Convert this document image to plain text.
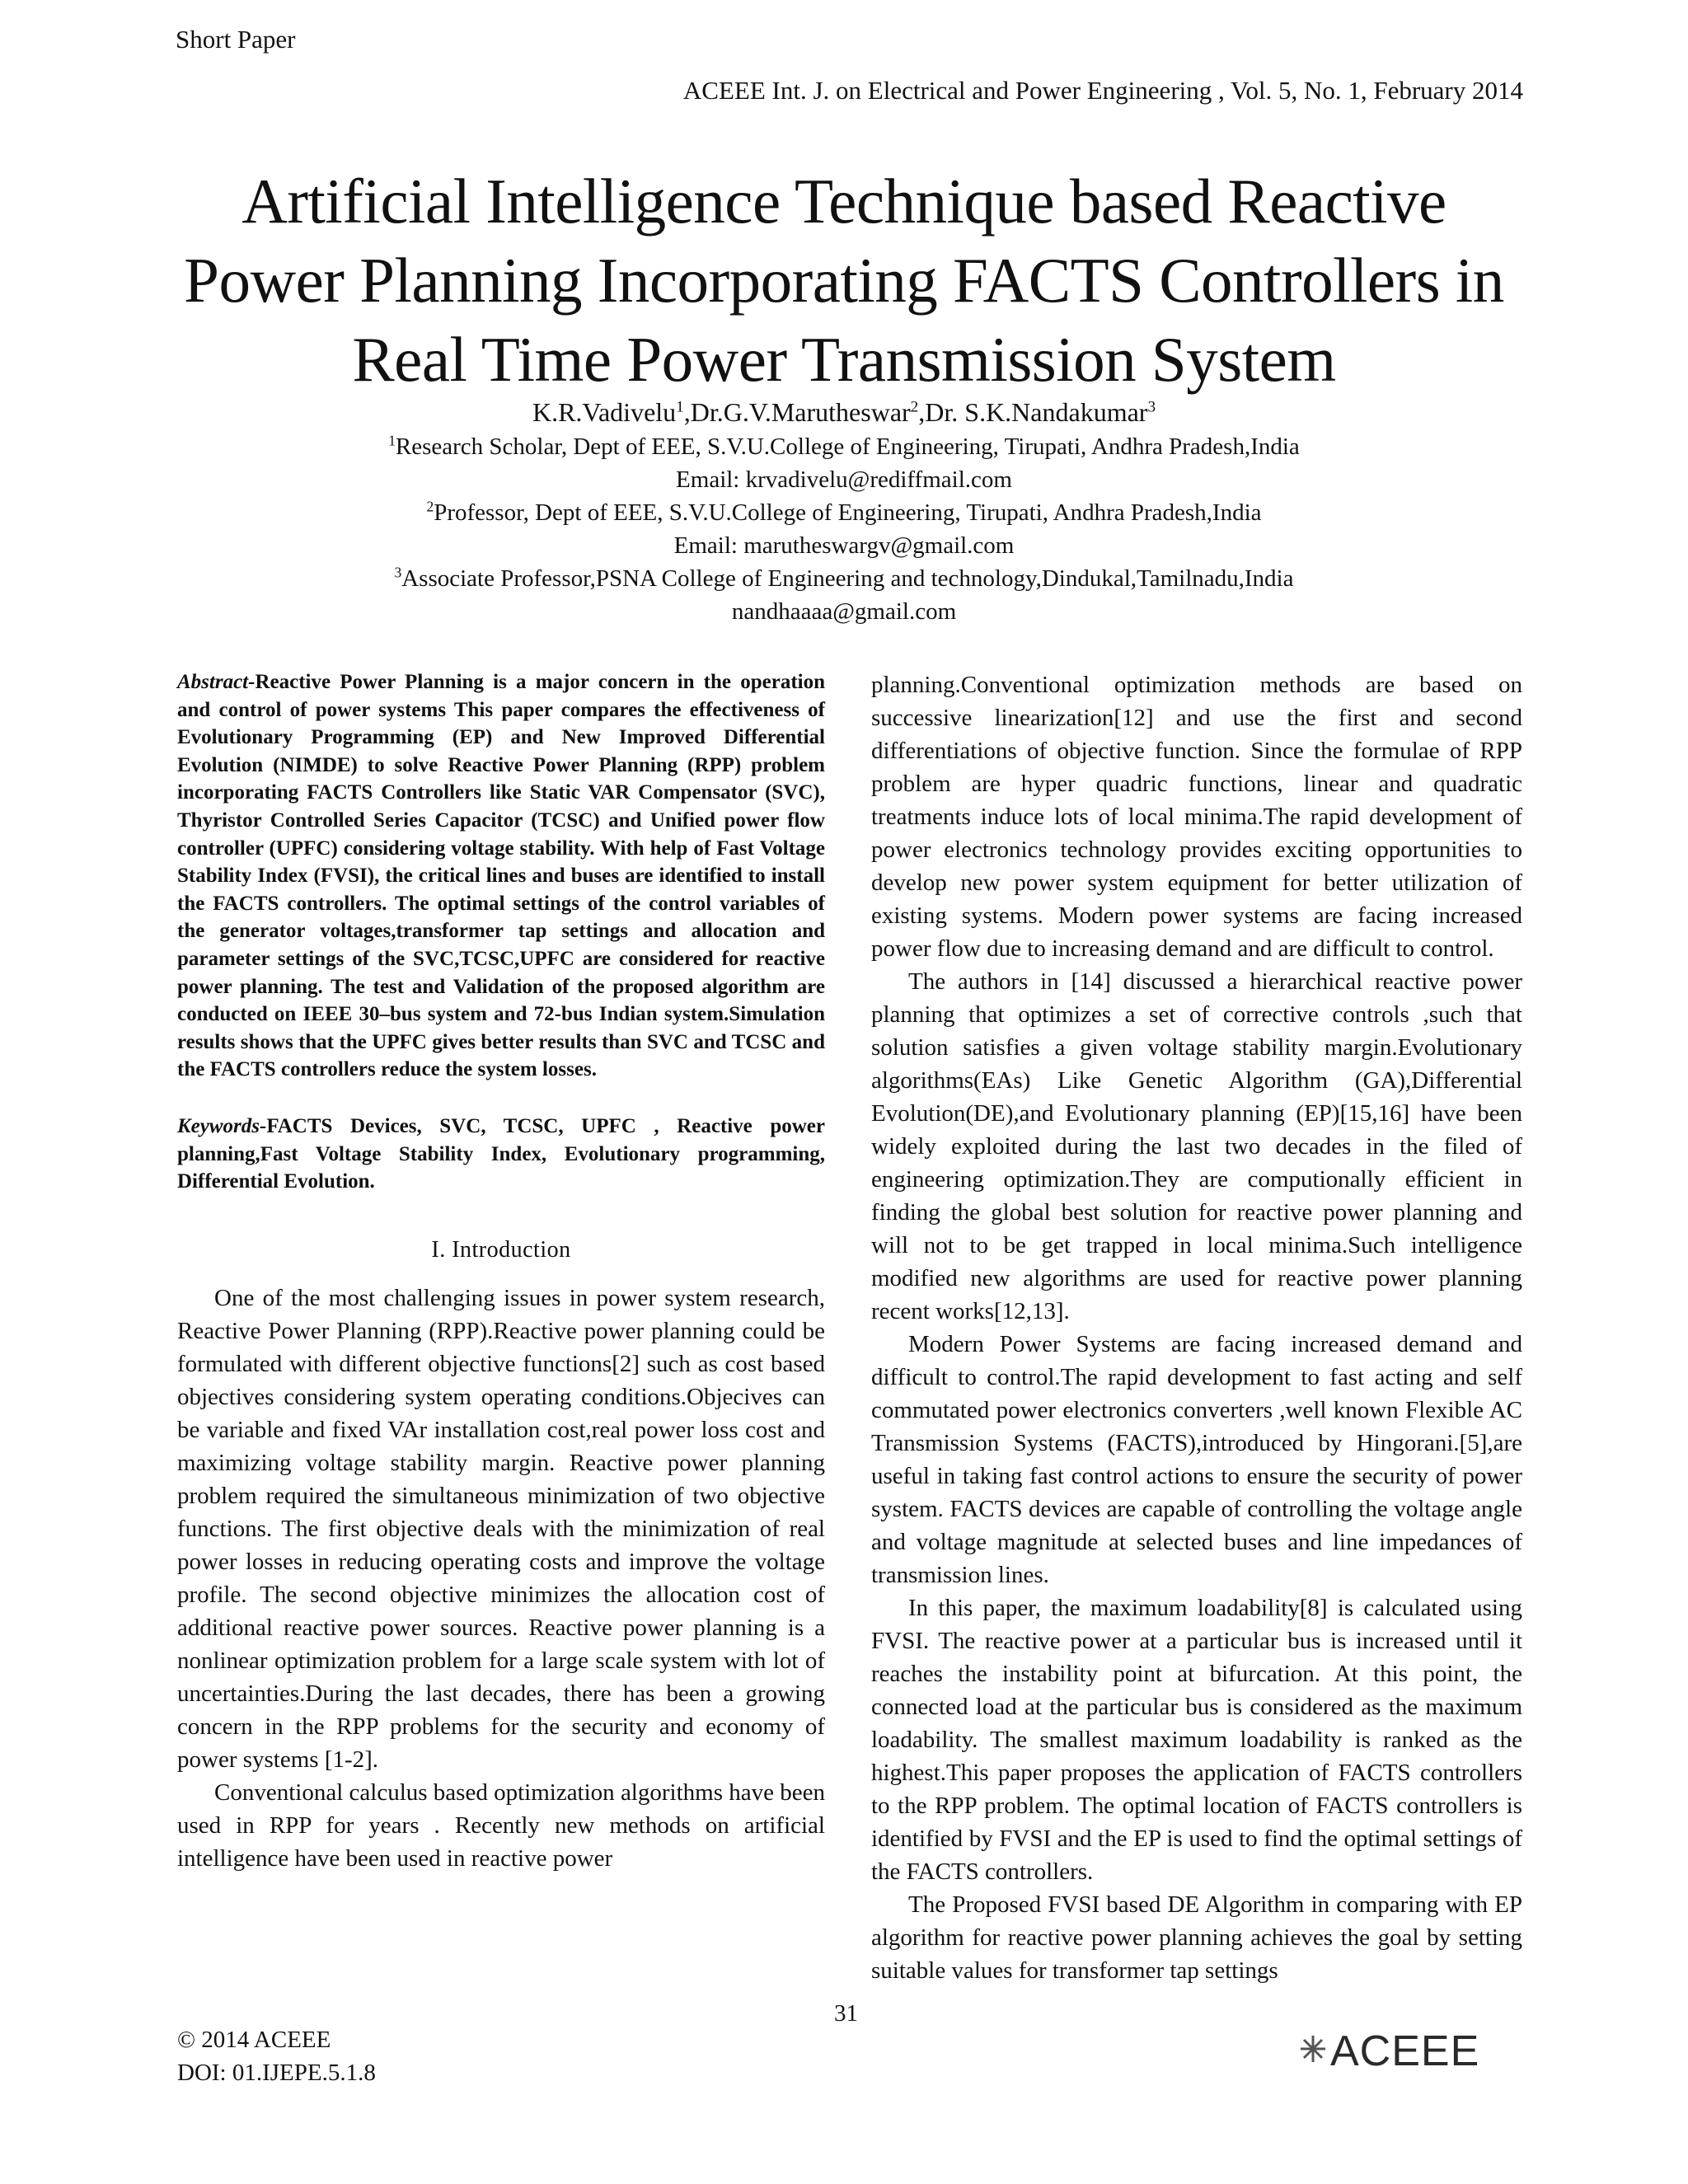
Short Paper
ACEEE Int. J. on Electrical and Power Engineering , Vol. 5, No. 1, February 2014
Artificial Intelligence Technique based Reactive
Power Planning Incorporating FACTS Controllers in
Real Time Power Transmission System
K.R.Vadivelu$^1$,Dr.G.V.Marutheswar$^2$,Dr. S.K.Nandakumar$^3$
$^1$Research Scholar, Dept of EEE, S.V.U.College of Engineering, Tirupati, Andhra Pradesh,India
Email: krvadivelu@rediffmail.com
$^2$Professor, Dept of EEE, S.V.U.College of Engineering, Tirupati, Andhra Pradesh,India
Email: marutheswargv@gmail.com
$^3$Associate Professor,PSNA College of Engineering and technology,Dindukal,Tamilnadu,India
nandhaaaa@gmail.com

Abstract-Reactive Power Planning is a major concern in the operation and control of power systems This paper compares the effectiveness of Evolutionary Programming (EP) and New Improved Differential Evolution (NIMDE) to solve Reactive Power Planning (RPP) problem incorporating FACTS Controllers like Static VAR Compensator (SVC), Thyristor Controlled Series Capacitor (TCSC) and Unified power flow controller (UPFC) considering voltage stability. With help of Fast Voltage Stability Index (FVSI), the critical lines and buses are identified to install the FACTS controllers. The optimal settings of the control variables of the generator voltages,transformer tap settings and allocation and parameter settings of the SVC,TCSC,UPFC are considered for reactive power planning. The test and Validation of the proposed algorithm are conducted on IEEE 30–bus system and 72-bus Indian system.Simulation results shows that the UPFC gives better results than SVC and TCSC and the FACTS controllers reduce the system losses.

Keywords-FACTS Devices, SVC, TCSC, UPFC , Reactive power planning,Fast Voltage Stability Index, Evolutionary programming, Differential Evolution.

I. Introduction

One of the most challenging issues in power system research, Reactive Power Planning (RPP).Reactive power planning could be formulated with different objective functions[2] such as cost based objectives considering system operating conditions.Objecives can be variable and fixed VAr installation cost,real power loss cost and maximizing voltage stability margin. Reactive power planning problem required the simultaneous minimization of two objective functions. The first objective deals with the minimization of real power losses in reducing operating costs and improve the voltage profile. The second objective minimizes the allocation cost of additional reactive power sources. Reactive power planning is a nonlinear optimization problem for a large scale system with lot of uncertainties.During the last decades, there has been a growing concern in the RPP problems for the security and economy of power systems [1-2].

Conventional calculus based optimization algorithms have been used in RPP for years . Recently new methods on artificial intelligence have been used in reactive power

planning.Conventional optimization methods are based on successive linearization[12] and use the first and second differentiations of objective function. Since the formulae of RPP problem are hyper quadric functions, linear and quadratic treatments induce lots of local minima.The rapid development of power electronics technology provides exciting opportunities to develop new power system equipment for better utilization of existing systems. Modern power systems are facing increased power flow due to increasing demand and are difficult to control.

The authors in [14] discussed a hierarchical reactive power planning that optimizes a set of corrective controls ,such that solution satisfies a given voltage stability margin.Evolutionary algorithms(EAs) Like Genetic Algorithm (GA),Differential Evolution(DE),and Evolutionary planning (EP)[15,16] have been widely exploited during the last two decades in the filed of engineering optimization.They are computionally efficient in finding the global best solution for reactive power planning and will not to be get trapped in local minima.Such intelligence modified new algorithms are used for reactive power planning recent works[12,13].

Modern Power Systems are facing increased demand and difficult to control.The rapid development to fast acting and self commutated power electronics converters ,well known Flexible AC Transmission Systems (FACTS),introduced by Hingorani.[5],are useful in taking fast control actions to ensure the security of power system. FACTS devices are capable of controlling the voltage angle and voltage magnitude at selected buses and line impedances of transmission lines.

In this paper, the maximum loadability[8] is calculated using FVSI. The reactive power at a particular bus is increased until it reaches the instability point at bifurcation. At this point, the connected load at the particular bus is considered as the maximum loadability. The smallest maximum loadability is ranked as the highest.This paper proposes the application of FACTS controllers to the RPP problem. The optimal location of FACTS controllers is identified by FVSI and the EP is used to find the optimal settings of the FACTS controllers.

The Proposed FVSI based DE Algorithm in comparing with EP algorithm for reactive power planning achieves the goal by setting suitable values for transformer tap settings

© 2014 ACEEE
DOI: 01.IJEPE.5.1.8
31
ACEEE
